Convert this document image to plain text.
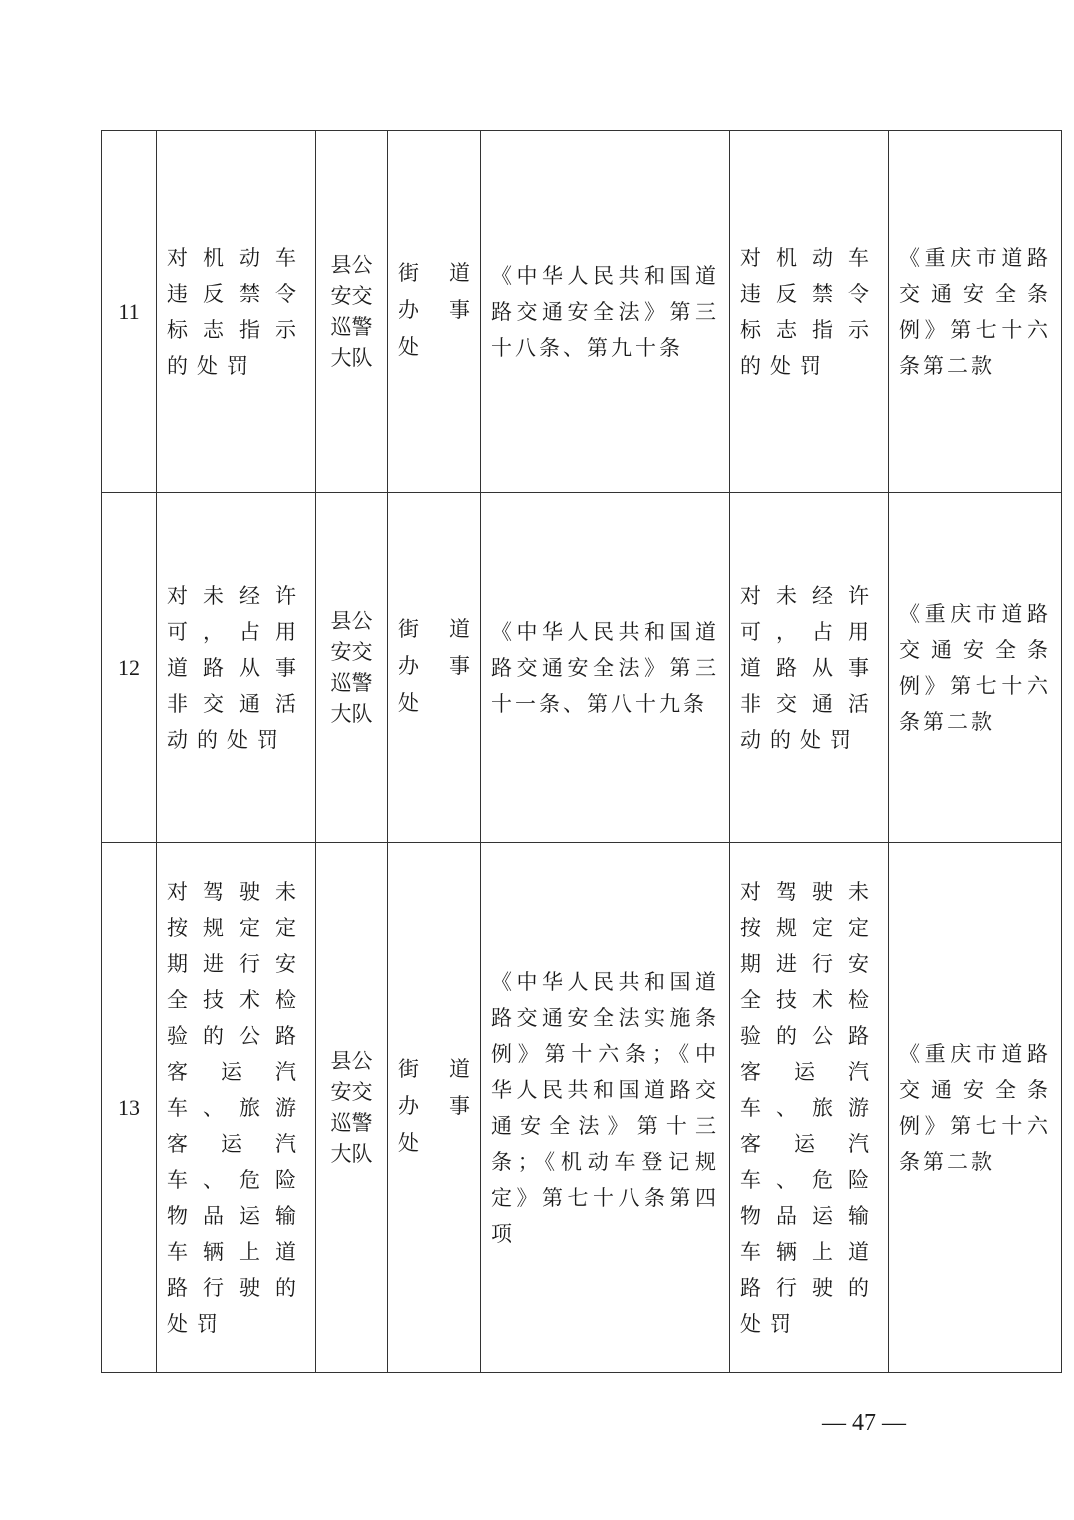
11	对机动车违反禁令标志指示的处罚	县公安交巡警大队	街 道
办 事
处	《中华人民共和国道路交通安全法》第三十八条、第九十条	对机动车违反禁令标志指示的处罚	《重庆市道路交通安全条例》第七十六条第二款

12	对未经许可，占用道路从事非交通活动的处罚	县公安交巡警大队	街 道
办 事
处	《中华人民共和国道路交通安全法》第三十一条、第八十九条	对未经许可，占用道路从事非交通活动的处罚	《重庆市道路交通安全条例》第七十六条第二款

13	对驾驶未按规定定期进行安全技术检验的公路客运汽车、旅游客运汽车、危险物品运输车辆上道路行驶的处罚	县公安交巡警大队	街 道
办 事
处	《中华人民共和国道路交通安全法实施条例》第十六条；《中华人民共和国道路交通安全法》第十三条；《机动车登记规定》第七十八条第四项	对驾驶未按规定定期进行安全技术检验的公路客运汽车、旅游客运汽车、危险物品运输车辆上道路行驶的处罚	《重庆市道路交通安全条例》第七十六条第二款
— 47 —
